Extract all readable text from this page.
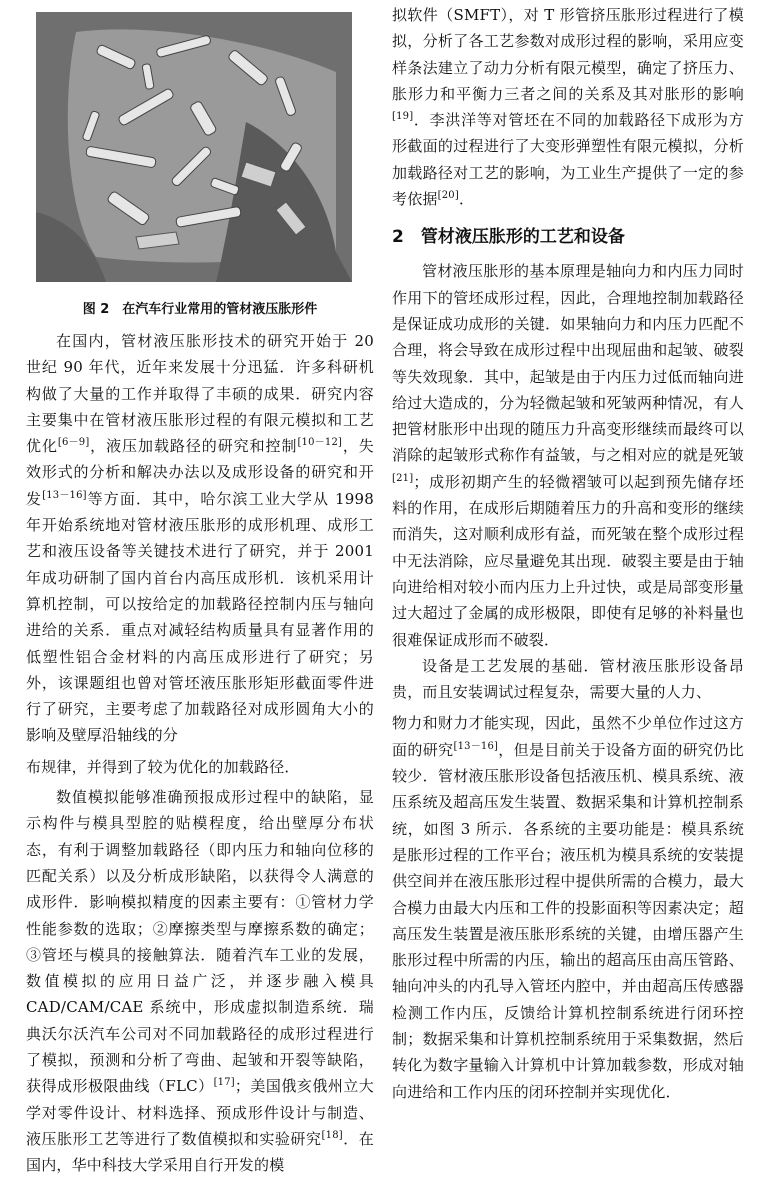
图 2　在汽车行业常用的管材液压胀形件

在国内，管材液压胀形技术的研究开始于 20 世纪 90 年代，近年来发展十分迅猛．许多科研机构做了大量的工作并取得了丰硕的成果．研究内容主要集中在管材液压胀形过程的有限元模拟和工艺优化[6－9]，液压加载路径的研究和控制[10－12]，失效形式的分析和解决办法以及成形设备的研究和开发[13－16]等方面．其中，哈尔滨工业大学从 1998 年开始系统地对管材液压胀形的成形机理、成形工艺和液压设备等关键技术进行了研究，并于 2001 年成功研制了国内首台内高压成形机．该机采用计算机控制，可以按给定的加载路径控制内压与轴向进给的关系．重点对减轻结构质量具有显著作用的低塑性铝合金材料的内高压成形进行了研究；另外，该课题组也曾对管坯液压胀形矩形截面零件进行了研究，主要考虑了加载路径对成形圆角大小的影响及壁厚沿轴线的分

布规律，并得到了较为优化的加载路径．

数值模拟能够准确预报成形过程中的缺陷，显示构件与模具型腔的贴模程度，给出壁厚分布状态，有利于调整加载路径（即内压力和轴向位移的匹配关系）以及分析成形缺陷，以获得令人满意的成形件．影响模拟精度的因素主要有：①管材力学性能参数的选取；②摩擦类型与摩擦系数的确定；③管坯与模具的接触算法．随着汽车工业的发展，数值模拟的应用日益广泛，并逐步融入模具 CAD/CAM/CAE 系统中，形成虚拟制造系统．瑞典沃尔沃汽车公司对不同加载路径的成形过程进行了模拟，预测和分析了弯曲、起皱和开裂等缺陷，获得成形极限曲线（FLC）[17]；美国俄亥俄州立大学对零件设计、材料选择、预成形件设计与制造、液压胀形工艺等进行了数值模拟和实验研究[18]．在国内，华中科技大学采用自行开发的模

拟软件（SMFT），对 T 形管挤压胀形过程进行了模拟，分析了各工艺参数对成形过程的影响，采用应变样条法建立了动力分析有限元模型，确定了挤压力、胀形力和平衡力三者之间的关系及其对胀形的影响[19]．李洪洋等对管坯在不同的加载路径下成形为方形截面的过程进行了大变形弹塑性有限元模拟，分析加载路径对工艺的影响，为工业生产提供了一定的参考依据[20]．

2　管材液压胀形的工艺和设备

管材液压胀形的基本原理是轴向力和内压力同时作用下的管坯成形过程，因此，合理地控制加载路径是保证成功成形的关键．如果轴向力和内压力匹配不合理，将会导致在成形过程中出现屈曲和起皱、破裂等失效现象．其中，起皱是由于内压力过低而轴向进给过大造成的，分为轻微起皱和死皱两种情况，有人把管材胀形中出现的随压力升高变形继续而最终可以消除的起皱形式称作有益皱，与之相对应的就是死皱[21]；成形初期产生的轻微褶皱可以起到预先储存坯料的作用，在成形后期随着压力的升高和变形的继续而消失，这对顺利成形有益，而死皱在整个成形过程中无法消除，应尽量避免其出现．破裂主要是由于轴向进给相对较小而内压力上升过快，或是局部变形量过大超过了金属的成形极限，即使有足够的补料量也很难保证成形而不破裂．

设备是工艺发展的基础．管材液压胀形设备昂贵，而且安装调试过程复杂，需要大量的人力、

物力和财力才能实现，因此，虽然不少单位作过这方面的研究[13－16]，但是目前关于设备方面的研究仍比较少．管材液压胀形设备包括液压机、模具系统、液压系统及超高压发生装置、数据采集和计算机控制系统，如图 3 所示．各系统的主要功能是：模具系统是胀形过程的工作平台；液压机为模具系统的安装提供空间并在液压胀形过程中提供所需的合模力，最大合模力由最大内压和工件的投影面积等因素决定；超高压发生装置是液压胀形系统的关键，由增压器产生胀形过程中所需的内压，输出的超高压由高压管路、轴向冲头的内孔导入管坯内腔中，并由超高压传感器检测工作内压，反馈给计算机控制系统进行闭环控制；数据采集和计算机控制系统用于采集数据，然后转化为数字量输入计算机中计算加载参数，形成对轴向进给和工作内压的闭环控制并实现优化．
